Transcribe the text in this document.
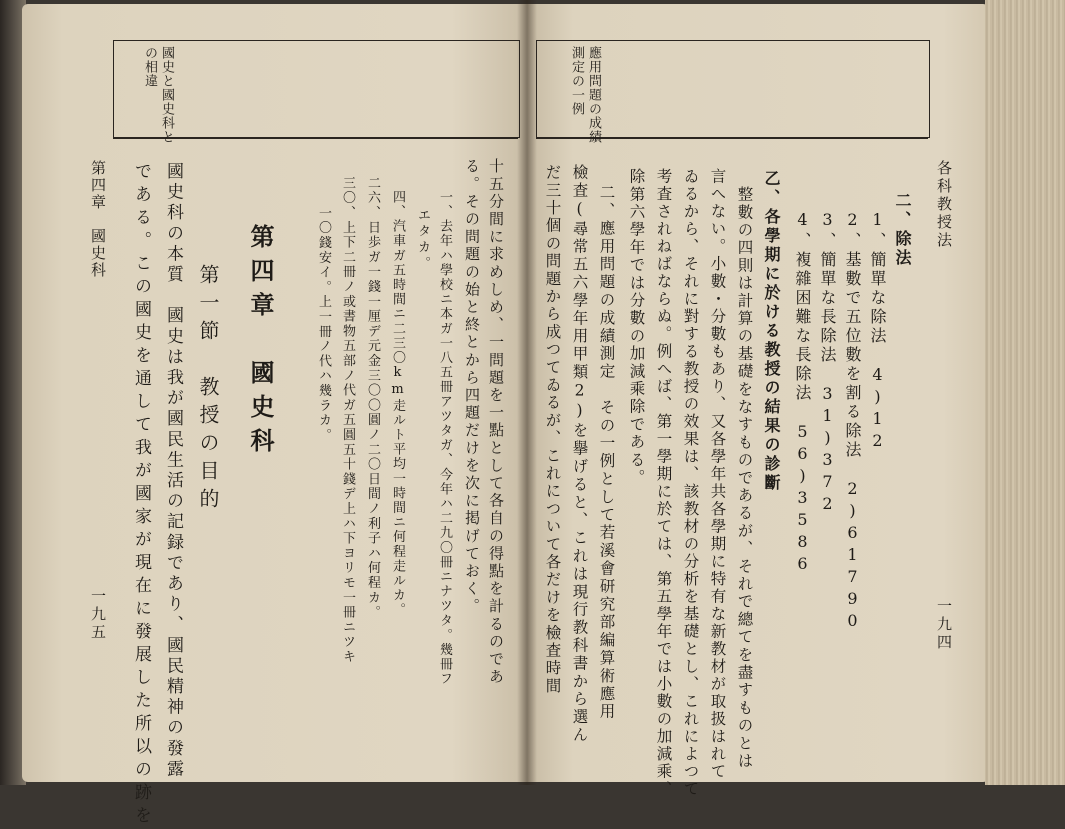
國史と國史科と
の相違
第四章　國史科
一九五	十五分間に求めしめ、一問題を一點として各自の得點を計るのであ
る。その問題の始と終とから四題だけを次に掲げておく。
一、去年ハ學校ニ本ガ一八五冊アツタガ、今年ハ二九〇冊ニナツタ。幾冊フ
エタカ。
四、汽車ガ五時間ニ二三〇km走ルト平均一時間ニ何程走ルカ。
二六、日歩ガ一錢一厘デ元金三〇〇圓ノ二〇日間ノ利子ハ何程カ。
三〇、上下二冊ノ或書物五部ノ代ガ五圓五十錢デ上ハ下ヨリモ一冊ニツキ
一〇錢安イ。上一冊ノ代ハ幾ラカ。
第四章　國史科
第一節　教授の目的
國史科の本質　國史は我が國民生活の記録であり、國民精神の發露
である。この國史を通して我が國家が現在に發展した所以の跡を
應用問題の成績
測定の一例
各科教授法
一九四
二、除法
1、簡單な除法　4)12
2、基數で五位數を割る除法　2)61790
3、簡單な長除法　31)372
4、複雜困難な長除法　56)3586
乙、各學期に於ける教授の結果の診斷
整數の四則は計算の基礎をなすものであるが、それで總てを盡すものとは
言へない。小數・分數もあり、又各學年共各學期に特有な新教材が取扱はれて
ゐるから、それに對する教授の效果は、該教材の分析を基礎とし、これによつて
考査されねばならぬ。例へば、第一學期に於ては、第五學年では小數の加減乘、
除第六學年では分數の加減乘除である。
二、應用問題の成績測定　その一例として若溪會研究部編算術應用
檢査(尋常五六學年用甲類2)を擧げると、これは現行教科書から選ん
だ三十個の問題から成つてゐるが、これについて各だけを檢査時間
